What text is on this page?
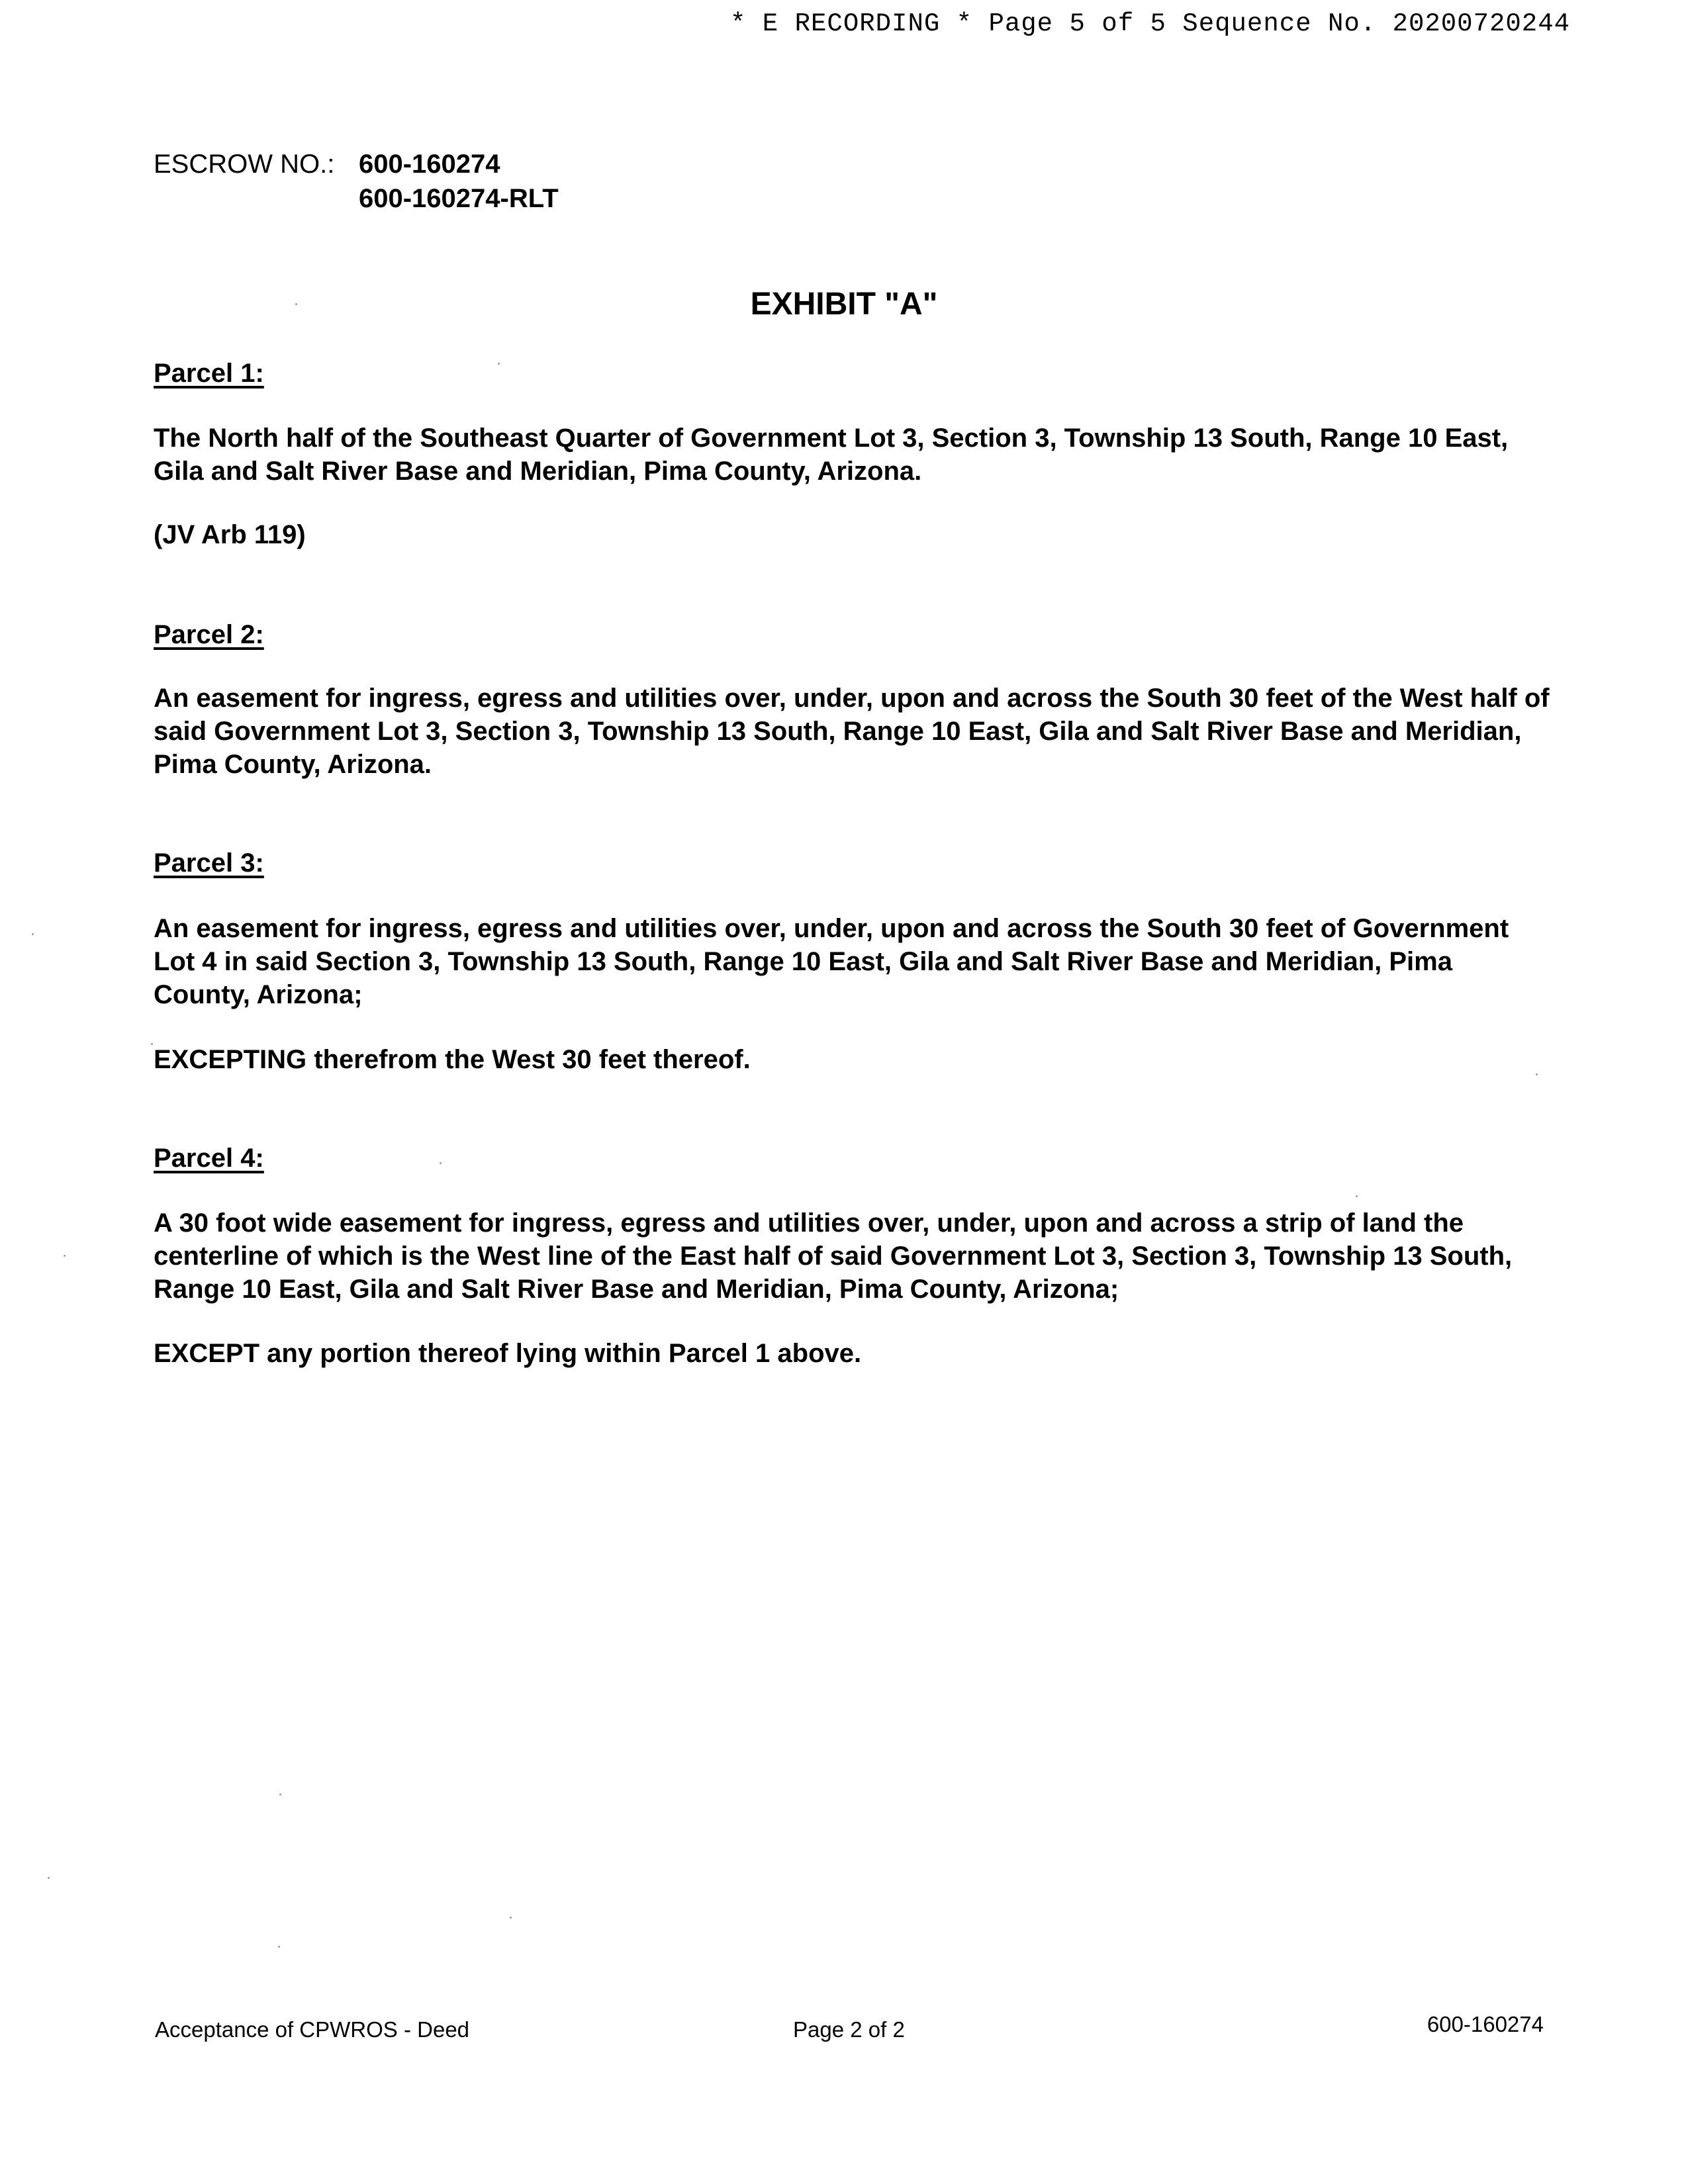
* E RECORDING * Page 5 of 5 Sequence No. 20200720244
ESCROW NO.: 600-160274
600-160274-RLT
EXHIBIT "A"
Parcel 1:
The North half of the Southeast Quarter of Government Lot 3, Section 3, Township 13 South, Range 10 East, Gila and Salt River Base and Meridian, Pima County, Arizona.
(JV Arb 119)
Parcel 2:
An easement for ingress, egress and utilities over, under, upon and across the South 30 feet of the West half of said Government Lot 3, Section 3, Township 13 South, Range 10 East, Gila and Salt River Base and Meridian, Pima County, Arizona.
Parcel 3:
An easement for ingress, egress and utilities over, under, upon and across the South 30 feet of Government Lot 4 in said Section 3, Township 13 South, Range 10 East, Gila and Salt River Base and Meridian, Pima County, Arizona;
EXCEPTING therefrom the West 30 feet thereof.
Parcel 4:
A 30 foot wide easement for ingress, egress and utilities over, under, upon and across a strip of land the centerline of which is the West line of the East half of said Government Lot 3, Section 3, Township 13 South, Range 10 East, Gila and Salt River Base and Meridian, Pima County, Arizona;
EXCEPT any portion thereof lying within Parcel 1 above.
Acceptance of CPWROS - Deed	Page 2 of 2	600-160274
